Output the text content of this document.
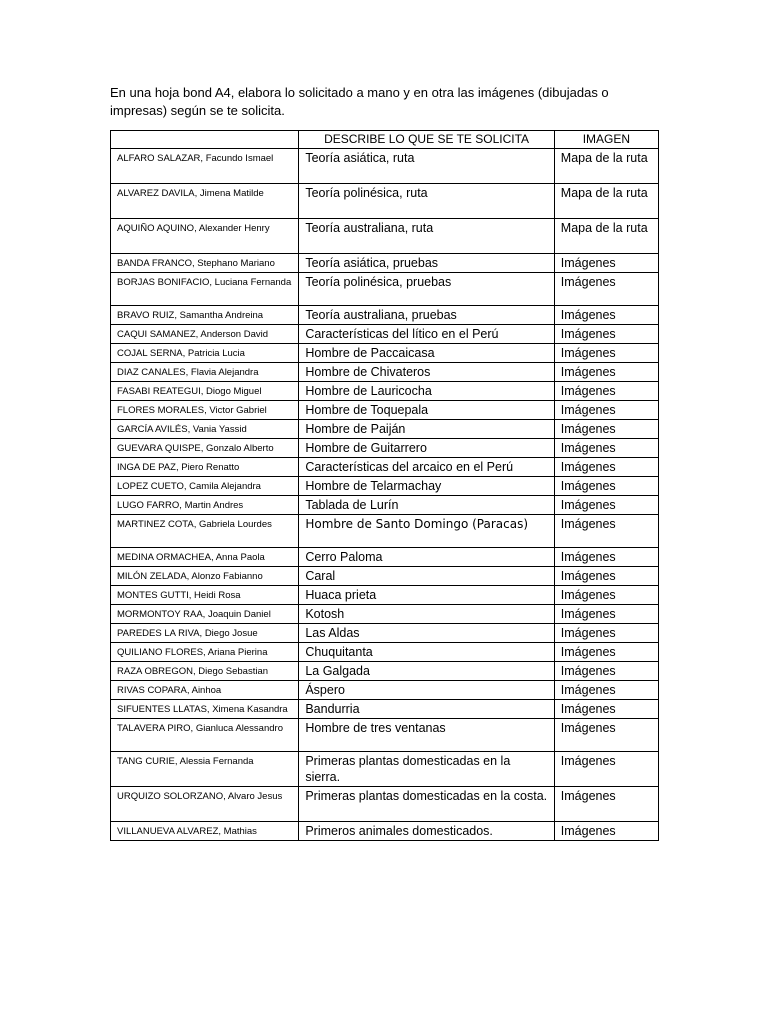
En una hoja bond A4, elabora lo solicitado a mano y en otra las imágenes (dibujadas o impresas) según se te solicita.
	DESCRIBE LO QUE SE TE SOLICITA	IMAGEN
ALFARO SALAZAR, Facundo Ismael	Teoría asiática, ruta	Mapa de la ruta
ALVAREZ DAVILA, Jimena Matilde	Teoría polinésica, ruta	Mapa de la ruta
AQUIÑO AQUINO, Alexander Henry	Teoría australiana, ruta	Mapa de la ruta
BANDA FRANCO, Stephano Mariano	Teoría asiática, pruebas	Imágenes
BORJAS BONIFACIO, Luciana Fernanda	Teoría polinésica, pruebas	Imágenes
BRAVO RUIZ, Samantha Andreina	Teoría australiana, pruebas	Imágenes
CAQUI SAMANEZ, Anderson David	Características del lítico en el Perú	Imágenes
COJAL SERNA, Patricia Lucia	Hombre de Paccaicasa	Imágenes
DIAZ CANALES, Flavia Alejandra	Hombre de Chivateros	Imágenes
FASABI REATEGUI, Diogo Miguel	Hombre de Lauricocha	Imágenes
FLORES MORALES, Victor Gabriel	Hombre de Toquepala	Imágenes
GARCÍA AVILÉS, Vania Yassid	Hombre de Paiján	Imágenes
GUEVARA QUISPE, Gonzalo Alberto	Hombre de Guitarrero	Imágenes
INGA DE PAZ, Piero Renatto	Características del arcaico en el Perú	Imágenes
LOPEZ CUETO, Camila Alejandra	Hombre de Telarmachay	Imágenes
LUGO FARRO, Martin Andres	Tablada de Lurín	Imágenes
MARTINEZ COTA, Gabriela Lourdes	Hombre de Santo Domingo (Paracas)	Imágenes
MEDINA ORMACHEA, Anna Paola	Cerro Paloma	Imágenes
MILÓN ZELADA, Alonzo Fabianno	Caral	Imágenes
MONTES GUTTI, Heidi Rosa	Huaca prieta	Imágenes
MORMONTOY RAA, Joaquin Daniel	Kotosh	Imágenes
PAREDES LA RIVA, Diego Josue	Las Aldas	Imágenes
QUILIANO FLORES, Ariana Pierina	Chuquitanta	Imágenes
RAZA OBREGON, Diego Sebastian	La Galgada	Imágenes
RIVAS COPARA, Ainhoa	Áspero	Imágenes
SIFUENTES LLATAS, Ximena Kasandra	Bandurria	Imágenes
TALAVERA PIRO, Gianluca Alessandro	Hombre de tres ventanas	Imágenes
TANG CURIE, Alessia Fernanda	Primeras plantas domesticadas en la sierra.	Imágenes
URQUIZO SOLORZANO, Alvaro Jesus	Primeras plantas domesticadas en la costa.	Imágenes
VILLANUEVA ALVAREZ, Mathias	Primeros animales domesticados.	Imágenes
